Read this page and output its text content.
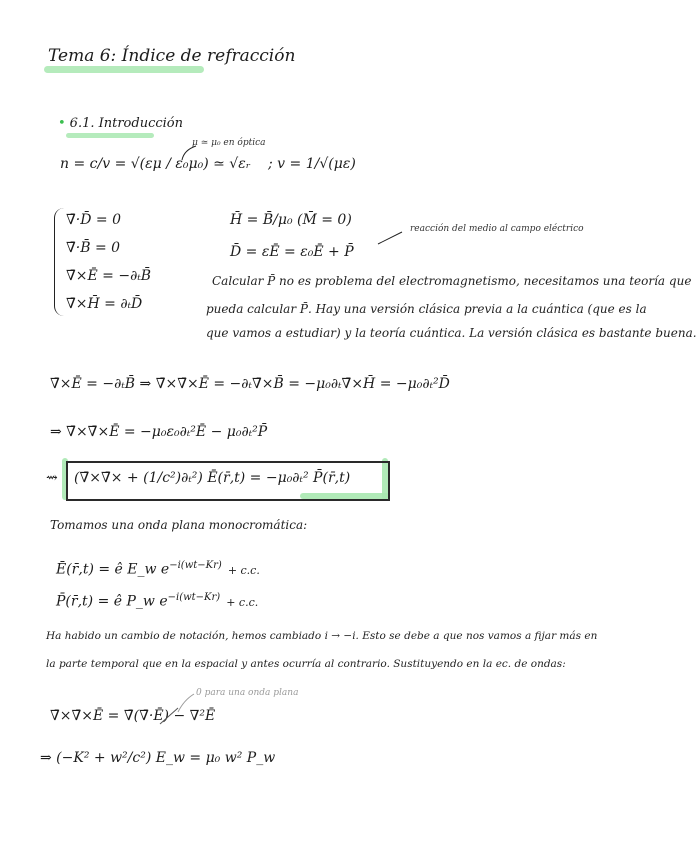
Tema 6: Índice de refracción
• 6.1. Introducción
μ ≃ μ₀ en óptica
n = c/v = √(εμ / ε₀μ₀) ≃ √εᵣ ; v = 1/√(με)
∇̄·D̄ = 0
∇̄·B̄ = 0
∇̄×Ē = −∂ₜB̄
∇̄×H̄ = ∂ₜD̄
H̄ = B̄/μ₀ (M̄ = 0)
D̄ = εĒ = ε₀Ē + P̄
reacción del medio al campo eléctrico
Calcular P̄ no es problema del electromagnetismo, necesitamos una teoría que
pueda calcular P̄. Hay una versión clásica previa a la cuántica (que es la
que vamos a estudiar) y la teoría cuántica. La versión clásica es bastante buena.
∇̄×Ē = −∂ₜB̄ ⇒ ∇̄×∇̄×Ē = −∂ₜ∇̄×B̄ = −μ₀∂ₜ∇̄×H̄ = −μ₀∂ₜ²D̄
⇒ ∇̄×∇̄×Ē = −μ₀ε₀∂ₜ²Ē − μ₀∂ₜ²P̄
⇝ (∇̄×∇̄× + (1/c²)∂ₜ²) Ē(r̄,t) = −μ₀∂ₜ² P̄(r̄,t)
Tomamos una onda plana monocromática:
Ē(r̄,t) = ê E_w $e^{-i(wt-Kr)} + c.c$.
P̄(r̄,t) = ê P_w $e^{-i(wt-Kr)} + c.c$.
Ha habido un cambio de notación, hemos cambiado i → −i. Esto se debe a que nos vamos a fijar más en
la parte temporal que en la espacial y antes ocurría al contrario. Sustituyendo en la ec. de ondas:
0 para una onda plana
∇̄×∇̄×Ē = ∇̄(∇̄·Ē) − ∇²Ē
⇒ (−K² + w²/c²) E_w = μ₀ w² P_w
